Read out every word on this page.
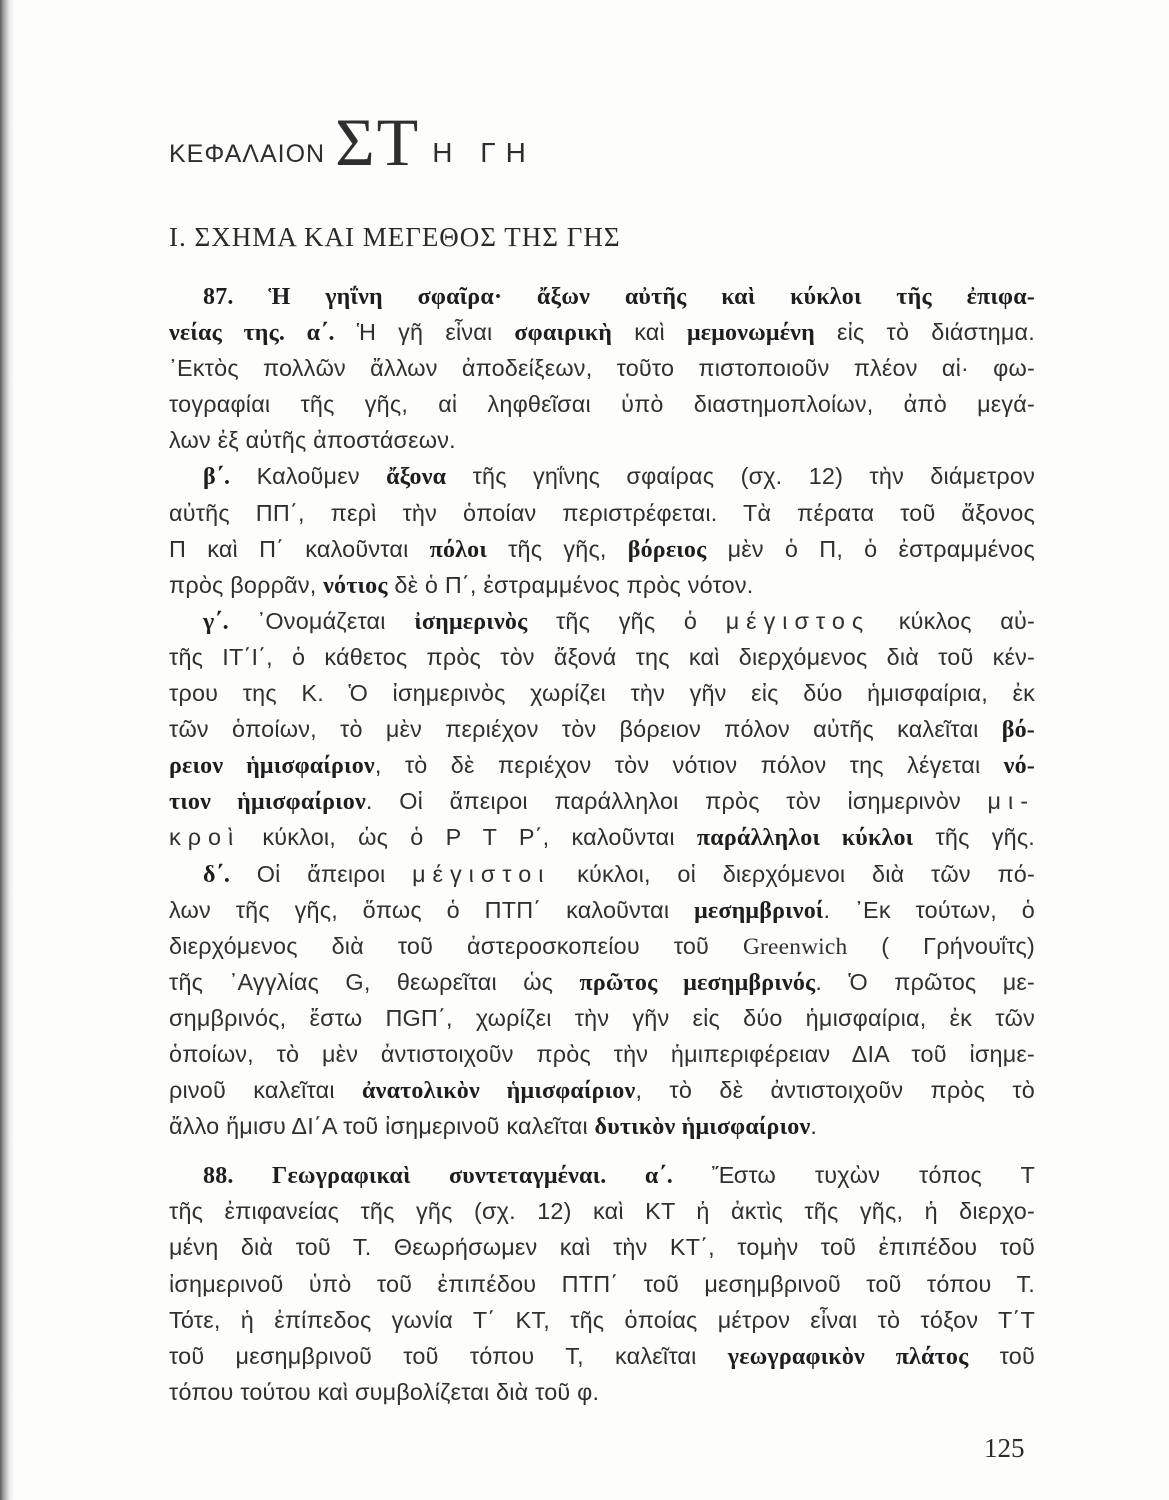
ΚΕΦΑΛΑΙΟΝ ΣΤ Η ΓΗ
I. ΣΧΗΜΑ ΚΑΙ ΜΕΓΕΘΟΣ ΤΗΣ ΓΗΣ
87. Ἡ γηΐνη σφαῖρα· ἄξων αὐτῆς καὶ κύκλοι τῆς ἐπιφα-
νείας της. α΄. Ἡ γῆ εἶναι σφαιρικὴ καὶ μεμονωμένη εἰς τὸ διάστημα.
᾿Εκτὸς πολλῶν ἄλλων ἀποδείξεων, τοῦτο πιστοποιοῦν πλέον αἱ· φω-
τογραφίαι τῆς γῆς, αἱ ληφθεῖσαι ὑπὸ διαστημοπλοίων, ἀπὸ μεγά-
λων ἐξ αὐτῆς ἀποστάσεων.
β΄. Καλοῦμεν ἄξονα τῆς γηΐνης σφαίρας (σχ. 12) τὴν διάμετρον
αὐτῆς ΠΠ΄, περὶ τὴν ὁποίαν περιστρέφεται. Τὰ πέρατα τοῦ ἄξονος
Π καὶ Π΄ καλοῦνται πόλοι τῆς γῆς, βόρειος μὲν ὁ Π, ὁ ἐστραμμένος
πρὸς βορρᾶν, νότιος δὲ ὁ Π΄, ἐστραμμένος πρὸς νότον.
γ΄. ᾿Ονομάζεται ἰσημερινὸς τῆς γῆς ὁ μέγιστος κύκλος αὐ-
τῆς ΙΤ΄Ι΄, ὁ κάθετος πρὸς τὸν ἄξονά της καὶ διερχόμενος διὰ τοῦ κέν-
τρου της Κ. Ὁ ἰσημερινὸς χωρίζει τὴν γῆν εἰς δύο ἡμισφαίρια, ἐκ
τῶν ὁποίων, τὸ μὲν περιέχον τὸν βόρειον πόλον αὐτῆς καλεῖται βό-
ρειον ἡμισφαίριον, τὸ δὲ περιέχον τὸν νότιον πόλον της λέγεται νό-
τιον ἡμισφαίριον. Οἱ ἄπειροι παράλληλοι πρὸς τὸν ἰσημερινὸν μι-
κροὶ κύκλοι, ὡς ὁ Ρ Τ Ρ΄, καλοῦνται παράλληλοι κύκλοι τῆς γῆς.
δ΄. Οἱ ἄπειροι μέγιστοι κύκλοι, οἱ διερχόμενοι διὰ τῶν πό-
λων τῆς γῆς, ὅπως ὁ ΠΤΠ΄ καλοῦνται μεσημβρινοί. ᾿Εκ τούτων, ὁ
διερχόμενος διὰ τοῦ ἀστεροσκοπείου τοῦ Greenwich ( Γρήνουΐτς)
τῆς ᾿Αγγλίας G, θεωρεῖται ὡς πρῶτος μεσημβρινός. Ὁ πρῶτος με-
σημβρινός, ἔστω ΠGΠ΄, χωρίζει τὴν γῆν εἰς δύο ἡμισφαίρια, ἐκ τῶν
ὁποίων, τὸ μὲν ἀντιστοιχοῦν πρὸς τὴν ἡμιπεριφέρειαν ΔΙΑ τοῦ ἰσημε-
ρινοῦ καλεῖται ἀνατολικὸν ἡμισφαίριον, τὸ δὲ ἀντιστοιχοῦν πρὸς τὸ
ἄλλο ἥμισυ ΔΙ΄Α τοῦ ἰσημερινοῦ καλεῖται δυτικὸν ἡμισφαίριον.
88. Γεωγραφικαὶ συντεταγμέναι. α΄. Ἔστω τυχὼν τόπος Τ
τῆς ἐπιφανείας τῆς γῆς (σχ. 12) καὶ ΚΤ ἡ ἀκτὶς τῆς γῆς, ἡ διερχο-
μένη διὰ τοῦ Τ. Θεωρήσωμεν καὶ τὴν ΚΤ΄, τομὴν τοῦ ἐπιπέδου τοῦ
ἰσημερινοῦ ὑπὸ τοῦ ἐπιπέδου ΠΤΠ΄ τοῦ μεσημβρινοῦ τοῦ τόπου Τ.
Τότε, ἡ ἐπίπεδος γωνία Τ΄ ΚΤ, τῆς ὁποίας μέτρον εἶναι τὸ τόξον Τ΄Τ
τοῦ μεσημβρινοῦ τοῦ τόπου Τ, καλεῖται γεωγραφικὸν πλάτος τοῦ
τόπου τούτου καὶ συμβολίζεται διὰ τοῦ φ.
125
